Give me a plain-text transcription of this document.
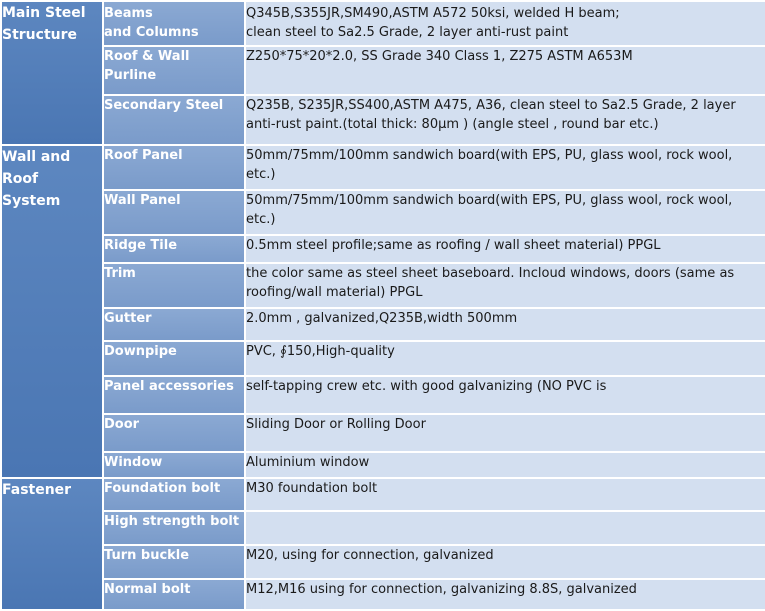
Main Steel
Structure	Beams
and Columns	Q345B,S355JR,SM490,ASTM A572 50ksi, welded H beam;
clean steel to Sa2.5 Grade, 2 layer anti-rust paint
	Roof & Wall
Purline	Z250*75*20*2.0, SS Grade 340 Class 1, Z275 ASTM A653M
	Secondary Steel	Q235B, S235JR,SS400,ASTM A475, A36, clean steel to Sa2.5 Grade, 2 layer anti-rust paint.(total thick: 80μm ) (angle steel , round bar etc.)
Wall and
Roof
System	Roof Panel	50mm/75mm/100mm sandwich board(with EPS, PU, glass wool, rock wool, etc.)
	Wall Panel	50mm/75mm/100mm sandwich board(with EPS, PU, glass wool, rock wool, etc.)
	Ridge Tile	0.5mm steel profile;same as roofing / wall sheet material) PPGL
	Trim	the color same as steel sheet baseboard. Incloud windows, doors (same as roofing/wall material) PPGL
	Gutter	2.0mm , galvanized,Q235B,width 500mm
	Downpipe	PVC, ∮150,High-quality
	Panel accessories	self-tapping crew etc. with good galvanizing (NO PVC is
	Door	Sliding Door or Rolling Door
	Window	Aluminium window
Fastener	Foundation bolt	M30 foundation bolt
	High strength bolt	
	Turn buckle	M20, using for connection, galvanized
	Normal bolt	M12,M16 using for connection, galvanizing 8.8S, galvanized
